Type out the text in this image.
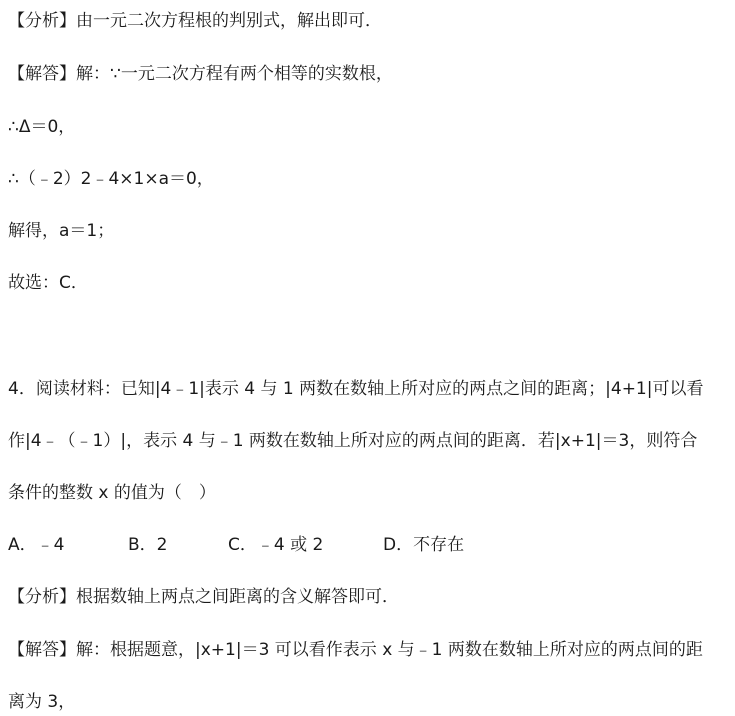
【分析】由一元二次方程根的判别式，解出即可．
【解答】解：∵一元二次方程有两个相等的实数根，
∴Δ＝0，
∴（﹣2）2﹣4×1×a＝0，
解得，a＝1；
故选：C．
4．阅读材料：已知|4﹣1|表示 4 与 1 两数在数轴上所对应的两点之间的距离；|4+1|可以看
作|4﹣（﹣1）|，表示 4 与﹣1 两数在数轴上所对应的两点间的距离．若|x+1|＝3，则符合
条件的整数 x 的值为（　）
A．﹣4	B．2	C．﹣4 或 2	D．不存在
【分析】根据数轴上两点之间距离的含义解答即可．
【解答】解：根据题意，|x+1|＝3 可以看作表示 x 与﹣1 两数在数轴上所对应的两点间的距
离为 3，
